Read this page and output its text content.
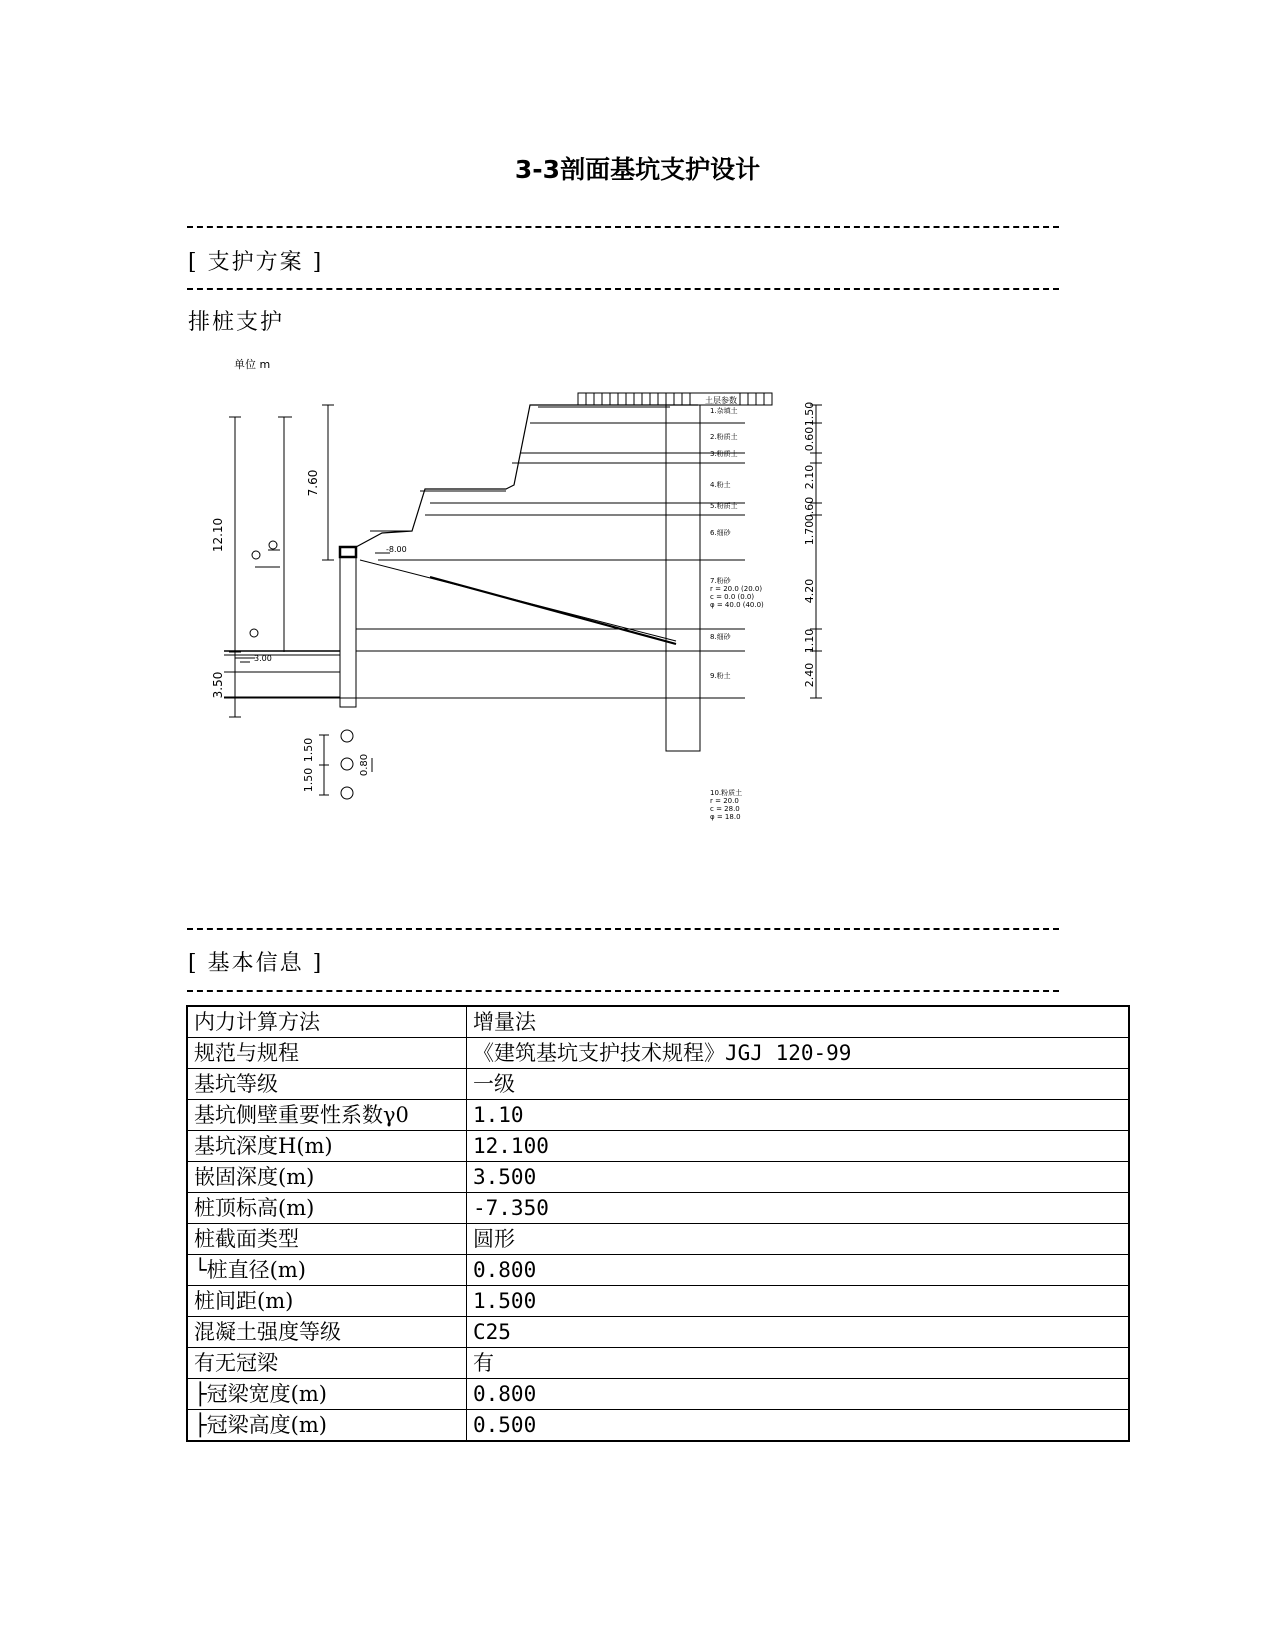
3-3剖面基坑支护设计
[ 支护方案 ]
排桩支护
单位 m
12.10
3.50
7.60
3.00
1.50
1.50
0.80
-8.00
土层参数
1.杂填土
2.粉质土
3.粉质土
4.粉土
5.粉质土
6.细砂
7.粉砂
r = 20.0 (20.0)
c = 0.0 (0.0)
φ = 40.0 (40.0)
8.细砂
9.粉土
10.粉质土
r = 20.0
c = 28.0
φ = 18.0
1.50
0.60
2.10
0.60
1.70
4.20
1.10
2.40
[ 基本信息 ]
内力计算方法	增量法
规范与规程	《建筑基坑支护技术规程》JGJ 120-99
基坑等级	一级
基坑侧壁重要性系数γ0	1.10
基坑深度H(m)	12.100
嵌固深度(m)	3.500
桩顶标高(m)	-7.350
桩截面类型	圆形
└桩直径(m)	0.800
桩间距(m)	1.500
混凝土强度等级	C25
有无冠梁	有
├冠梁宽度(m)	0.800
├冠梁高度(m)	0.500
